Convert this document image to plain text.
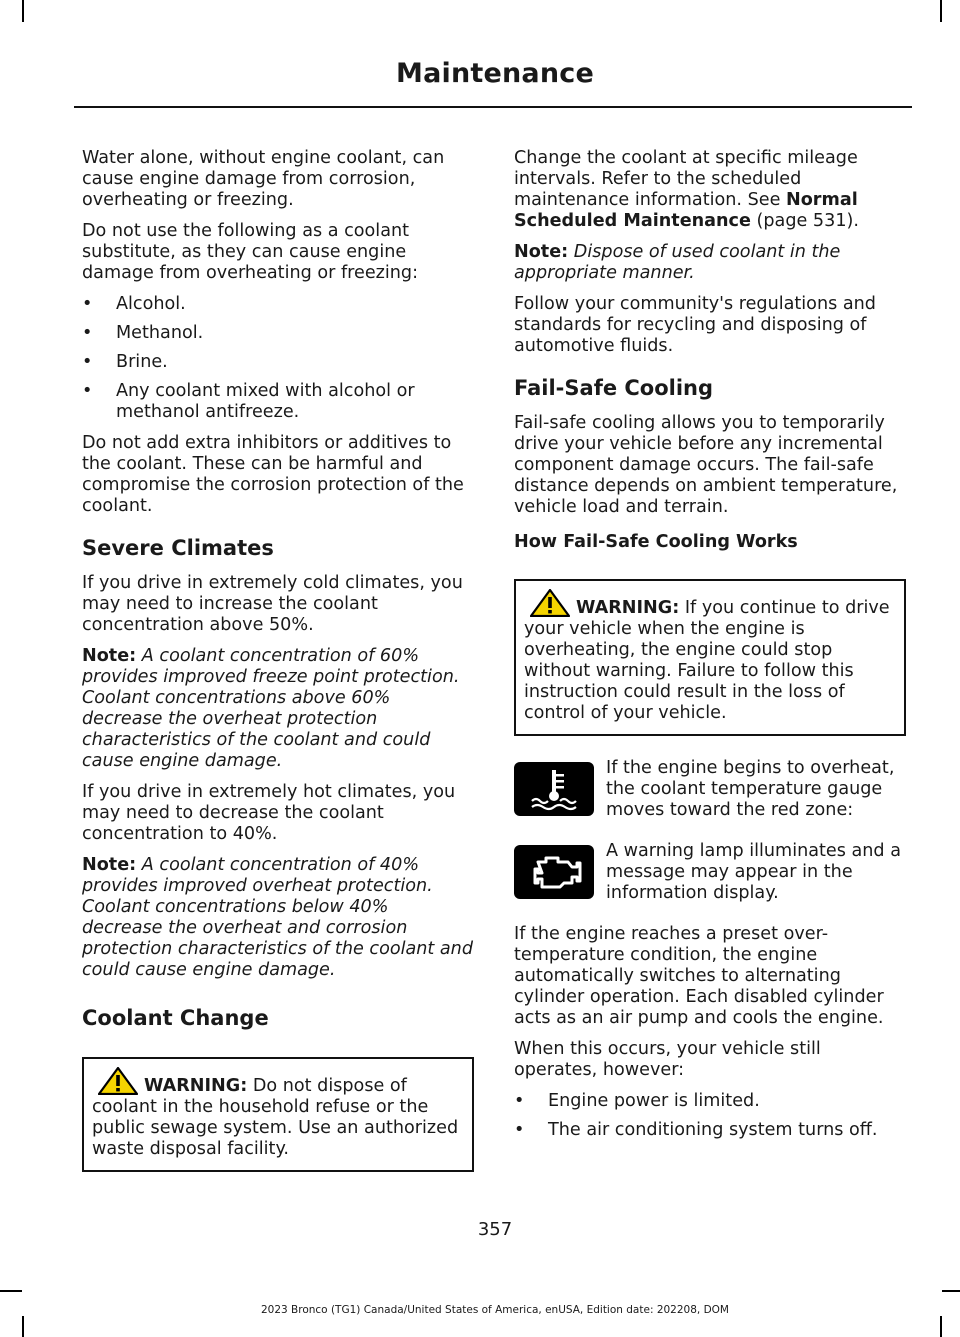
Maintenance

Water alone, without engine coolant, can cause engine damage from corrosion, overheating or freezing.

Do not use the following as a coolant substitute, as they can cause engine damage from overheating or freezing:

• Alcohol.
• Methanol.
• Brine.
• Any coolant mixed with alcohol or methanol antifreeze.

Do not add extra inhibitors or additives to the coolant. These can be harmful and compromise the corrosion protection of the coolant.

Severe Climates

If you drive in extremely cold climates, you may need to increase the coolant concentration above 50%.

Note: A coolant concentration of 60% provides improved freeze point protection. Coolant concentrations above 60% decrease the overheat protection characteristics of the coolant and could cause engine damage.

If you drive in extremely hot climates, you may need to decrease the coolant concentration to 40%.

Note: A coolant concentration of 40% provides improved overheat protection. Coolant concentrations below 40% decrease the overheat and corrosion protection characteristics of the coolant and could cause engine damage.

Coolant Change
WARNING: Do not dispose of coolant in the household refuse or the public sewage system. Use an authorized waste disposal facility.

Change the coolant at specific mileage intervals. Refer to the scheduled maintenance information. See Normal Scheduled Maintenance (page 531).

Note: Dispose of used coolant in the appropriate manner.

Follow your community's regulations and standards for recycling and disposing of automotive fluids.

Fail-Safe Cooling

Fail-safe cooling allows you to temporarily drive your vehicle before any incremental component damage occurs. The fail-safe distance depends on ambient temperature, vehicle load and terrain.

How Fail-Safe Cooling Works
WARNING: If you continue to drive your vehicle when the engine is overheating, the engine could stop without warning. Failure to follow this instruction could result in the loss of control of your vehicle.
If the engine begins to overheat, the coolant temperature gauge moves toward the red zone:
A warning lamp illuminates and a message may appear in the information display.

If the engine reaches a preset over-temperature condition, the engine automatically switches to alternating cylinder operation. Each disabled cylinder acts as an air pump and cools the engine.

When this occurs, your vehicle still operates, however:

• Engine power is limited.
• The air conditioning system turns off.
357
2023 Bronco (TG1) Canada/United States of America, enUSA, Edition date: 202208, DOM
